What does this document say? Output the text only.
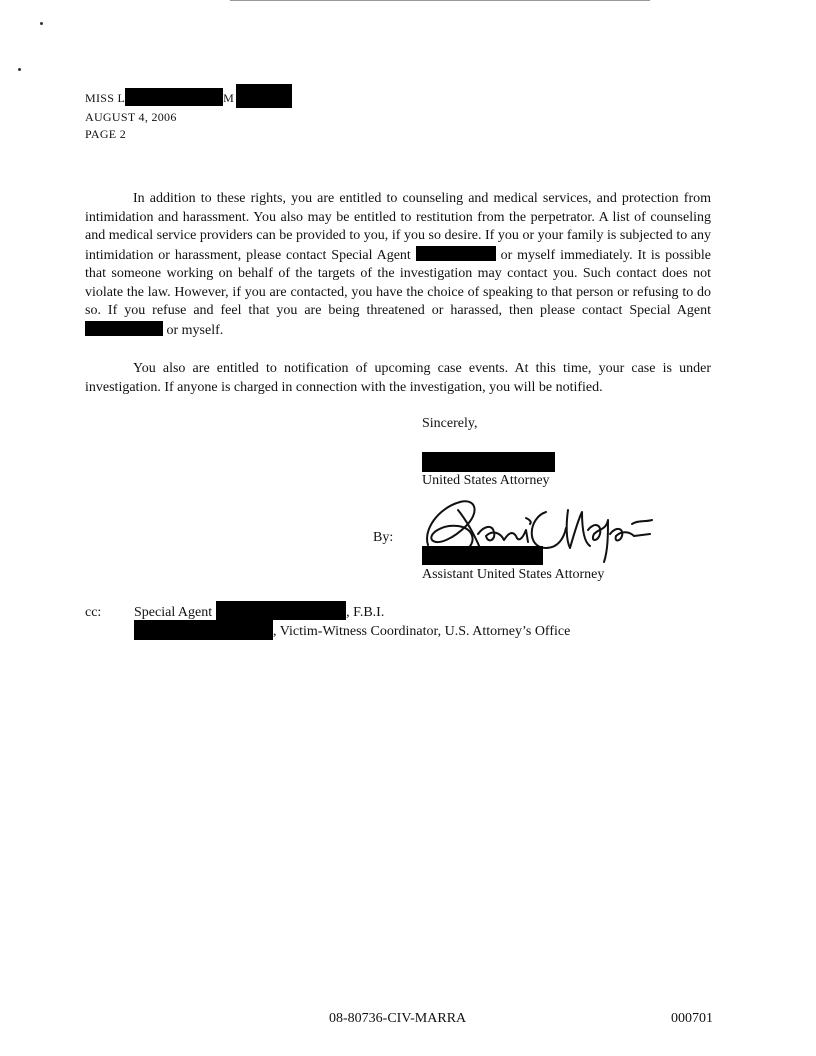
MISS L	M
AUGUST 4, 2006
PAGE 2

In addition to these rights, you are entitled to counseling and medical services, and protection from intimidation and harassment. You also may be entitled to restitution from the perpetrator. A list of counseling and medical service providers can be provided to you, if you so desire. If you or your family is subjected to any intimidation or harassment, please contact Special Agent	or myself immediately. It is possible that someone working on behalf of the targets of the investigation may contact you. Such contact does not violate the law. However, if you are contacted, you have the choice of speaking to that person or refusing to do so. If you refuse and feel that you are being threatened or harassed, then please contact Special Agent  or myself.

You also are entitled to notification of upcoming case events. At this time, your case is under investigation. If anyone is charged in connection with the investigation, you will be notified.

Sincerely,
United States Attorney
By:
Assistant United States Attorney
cc: Special Agent	, F.B.I.
, Victim-Witness Coordinator, U.S. Attorney’s Office
08-80736-CIV-MARRA	000701
